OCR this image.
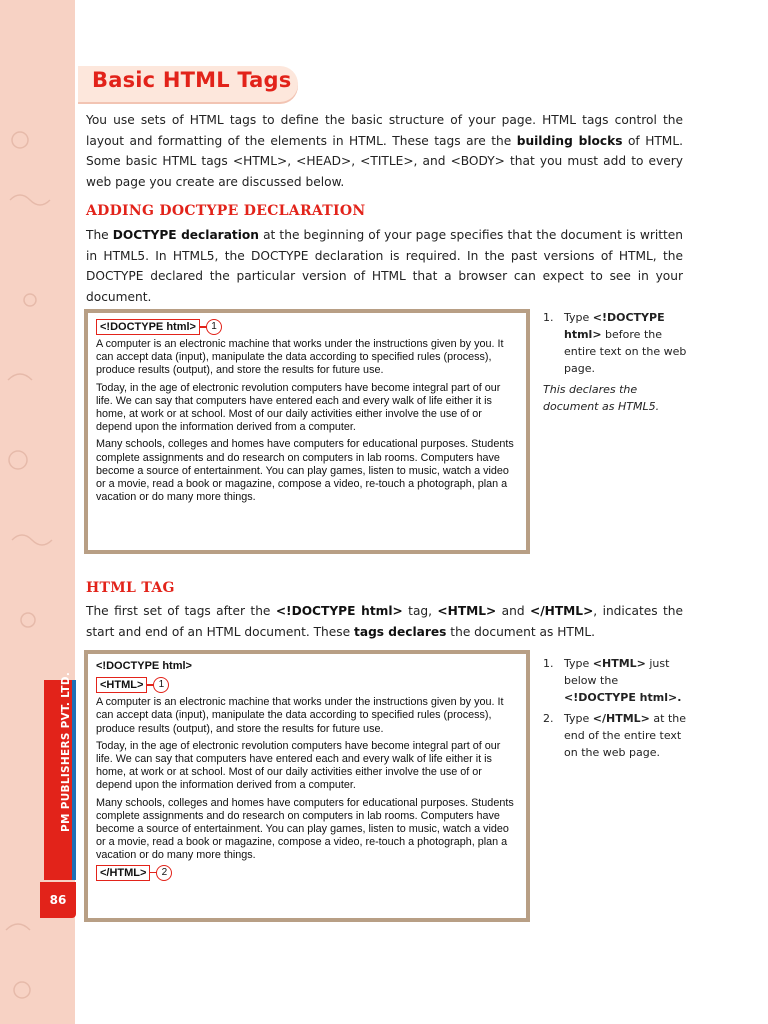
PM PUBLISHERS PVT. LTD.
86
Basic HTML Tags
You use sets of HTML tags to define the basic structure of your page. HTML tags control the layout and formatting of the elements in HTML. These tags are the building blocks of HTML. Some basic HTML tags <HTML>, <HEAD>, <TITLE>, and <BODY> that you must add to every web page you create are discussed below.
ADDING DOCTYPE DECLARATION
The DOCTYPE declaration at the beginning of your page specifies that the document is written in HTML5. In HTML5, the DOCTYPE declaration is required. In the past versions of HTML, the DOCTYPE declared the particular version of HTML that a browser can expect to see in your document.
<!DOCTYPE html>	1

A computer is an electronic machine that works under the instructions given by you. It can accept data (input), manipulate the data according to specified rules (process), produce results (output), and store the results for future use.

Today, in the age of electronic revolution computers have become integral part of our life. We can say that computers have entered each and every walk of life either it is home, at work or at school. Most of our daily activities either involve the use of or depend upon the information derived from a computer.

Many schools, colleges and homes have computers for educational purposes. Students complete assignments and do research on computers in lab rooms. Computers have become a source of entertainment. You can play games, listen to music, watch a video or a movie, read a book or magazine, compose a video, re-touch a photograph, plan a vacation or do many more things.

1. Type <!DOCTYPE html> before the entire text on the web page.
This declares the document as HTML5.
HTML TAG
The first set of tags after the <!DOCTYPE html> tag, <HTML> and </HTML>, indicates the start and end of an HTML document. These tags declares the document as HTML.
<!DOCTYPE html>
<HTML>	1

A computer is an electronic machine that works under the instructions given by you. It can accept data (input), manipulate the data according to specified rules (process), produce results (output), and store the results for future use.

Today, in the age of electronic revolution computers have become integral part of our life. We can say that computers have entered each and every walk of life either it is home, at work or at school. Most of our daily activities either involve the use of or depend upon the information derived from a computer.

Many schools, colleges and homes have computers for educational purposes. Students complete assignments and do research on computers in lab rooms. Computers have become a source of entertainment. You can play games, listen to music, watch a video or a movie, read a book or magazine, compose a video, re-touch a photograph, plan a vacation or do many more things.

</HTML>	2
1. Type <HTML> just below the <!DOCTYPE html>.
2. Type </HTML> at the end of the entire text on the web page.
